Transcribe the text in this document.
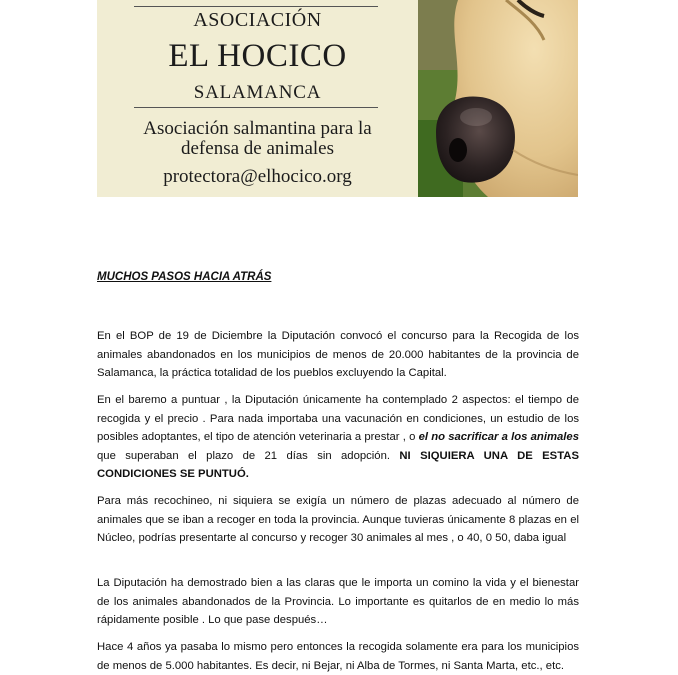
ASOCIACIÓN
EL HOCICO
SALAMANCA
Asociación salmantina para la
defensa de animales
protectora@elhocico.org
MUCHOS PASOS HACIA ATRÁS

En el BOP de 19 de Diciembre la Diputación convocó el concurso para la Recogida de los animales abandonados en los municipios de menos de 20.000 habitantes de la provincia de Salamanca, la práctica totalidad de los pueblos excluyendo la Capital.

En el baremo a puntuar , la Diputación únicamente ha contemplado 2 aspectos: el tiempo de recogida y el precio . Para nada importaba una vacunación en condiciones, un estudio de los posibles adoptantes, el tipo de atención veterinaria a prestar , o el no sacrificar a los animales que superaban el plazo de 21 días sin adopción. NI SIQUIERA UNA DE ESTAS CONDICIONES SE PUNTUÓ.

Para más recochineo, ni siquiera se exigía un número de plazas adecuado al número de animales que se iban a recoger en toda la provincia. Aunque tuvieras únicamente 8 plazas en el Núcleo, podrías presentarte al concurso y recoger 30 animales al mes , o 40, 0 50, daba igual

La Diputación ha demostrado bien a las claras que le importa un comino la vida y el bienestar de los animales abandonados de la Provincia. Lo importante es quitarlos de en medio lo más rápidamente posible . Lo que pase después…

Hace 4 años ya pasaba lo mismo pero entonces la recogida solamente era para los municipios de menos de 5.000 habitantes. Es decir, ni Bejar, ni Alba de Tormes, ni Santa Marta, etc., etc.
